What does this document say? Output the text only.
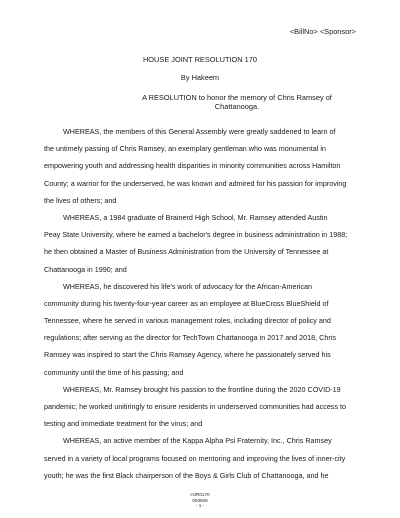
<BillNo> <Sponsor>
HOUSE JOINT RESOLUTION 170
By Hakeem
A RESOLUTION to honor the memory of Chris Ramsey of
Chattanooga.
WHEREAS, the members of this General Assembly were greatly saddened to learn of
the untimely passing of Chris Ramsey, an exemplary gentleman who was monumental in
empowering youth and addressing health disparities in minority communities across Hamilton
County; a warrior for the underserved, he was known and admired for his passion for improving
the lives of others; and
WHEREAS, a 1984 graduate of Brainerd High School, Mr. Ramsey attended Austin
Peay State University, where he earned a bachelor's degree in business administration in 1988;
he then obtained a Master of Business Administration from the University of Tennessee at
Chattanooga in 1990; and
WHEREAS, he discovered his life's work of advocacy for the African-American
community during his twenty-four-year career as an employee at BlueCross BlueShield of
Tennessee, where he served in various management roles, including director of policy and
regulations; after serving as the director for TechTown Chattanooga in 2017 and 2018, Chris
Ramsey was inspired to start the Chris Ramsey Agency, where he passionately served his
community until the time of his passing; and
WHEREAS, Mr. Ramsey brought his passion to the frontline during the 2020 COVID-19
pandemic; he worked unitiringly to ensure residents in underserved communities had access to
testing and immediate treatment for the virus; and
WHEREAS, an active member of the Kappa Alpha Psi Fraternity, Inc., Chris Ramsey
served in a variety of local programs focused on mentoring and improving the lives of inner-city
youth; he was the first Black chairperson of the Boys & Girls Club of Chattanooga, and he
HJR0170
003926
- 1 -
